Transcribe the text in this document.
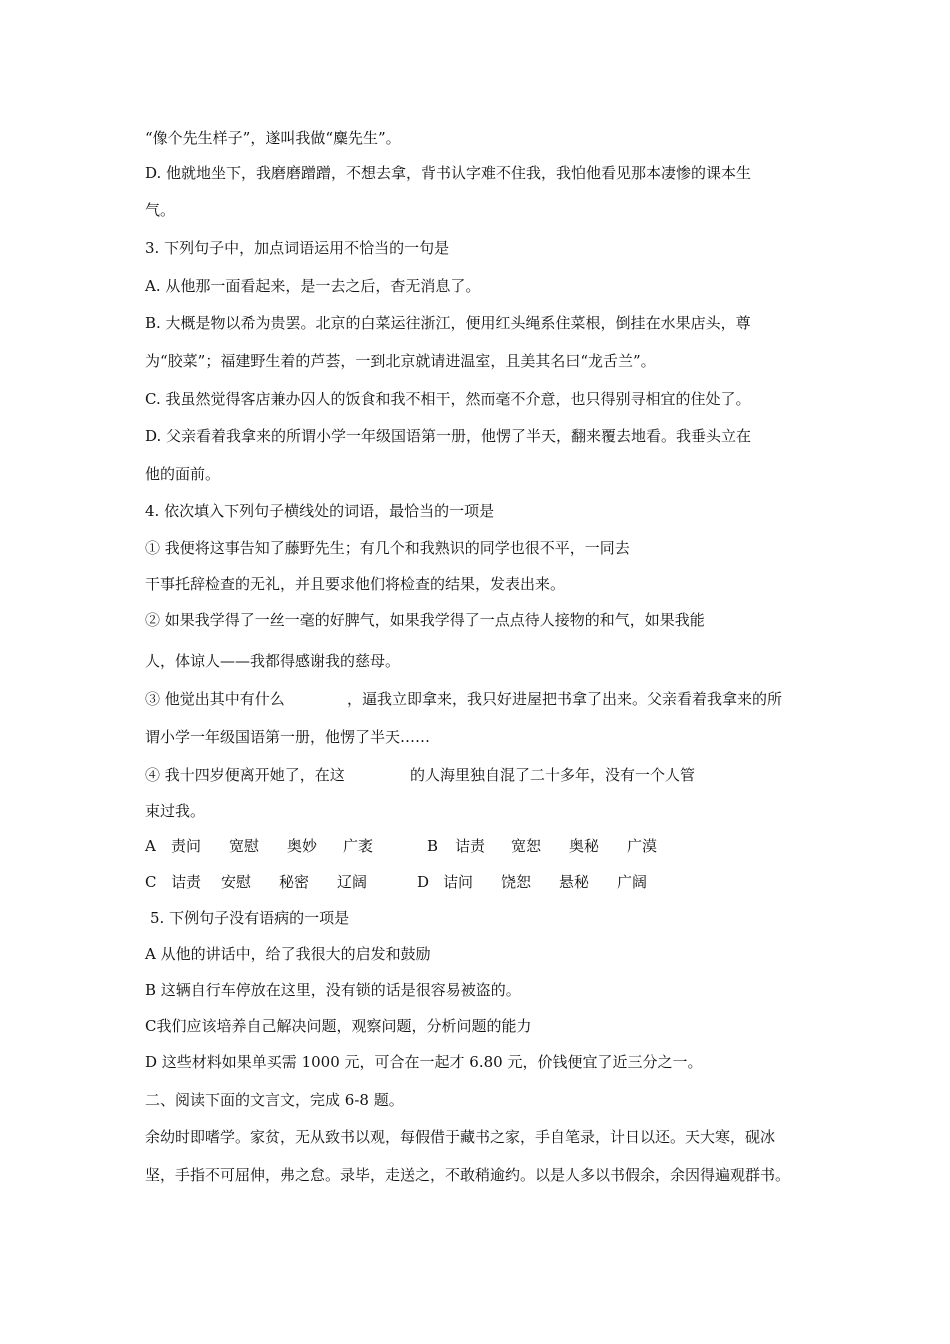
“像个先生样子”，遂叫我做“麋先生”。
D. 他就地坐下，我磨磨蹭蹭，不想去拿，背书认字难不住我，我怕他看见那本凄惨的课本生
气。
3. 下列句子中，加点词语运用不恰当的一句是
A. 从他那一面看起来，是一去之后，杳无消息了。
B. 大概是物以希为贵罢。北京的白菜运往浙江，便用红头绳系住菜根，倒挂在水果店头，尊
为“胶菜”；福建野生着的芦荟，一到北京就请进温室，且美其名曰“龙舌兰”。
C. 我虽然觉得客店兼办囚人的饭食和我不相干，然而毫不介意，也只得别寻相宜的住处了。
D. 父亲看着我拿来的所谓小学一年级国语第一册，他愣了半天，翻来覆去地看。我垂头立在
他的面前。
4. 依次填入下列句子横线处的词语，最恰当的一项是
① 我便将这事告知了藤野先生；有几个和我熟识的同学也很不平，一同去
干事托辞检查的无礼，并且要求他们将检查的结果，发表出来。
② 如果我学得了一丝一毫的好脾气，如果我学得了一点点待人接物的和气，如果我能
人，体谅人——我都得感谢我的慈母。
③ 他觉出其中有什么	，逼我立即拿来，我只好进屋把书拿了出来。父亲看着我拿来的所
谓小学一年级国语第一册，他愣了半天……
④ 我十四岁便离开她了，在这	的人海里独自混了二十多年，没有一个人管
束过我。
A 责问 宽慰 奥妙 广袤	B 诘责 宽恕 奥秘 广漠
C 诘责 安慰 秘密 辽阔	D 诘问 饶恕 悬秘 广阔
5. 下例句子没有语病的一项是
A 从他的讲话中，给了我很大的启发和鼓励
B 这辆自行车停放在这里，没有锁的话是很容易被盗的。
C我们应该培养自己解决问题，观察问题，分析问题的能力
D 这些材料如果单买需 1000 元，可合在一起才 6.80 元，价钱便宜了近三分之一。
二、阅读下面的文言文，完成 6-8 题。
余幼时即嗜学。家贫，无从致书以观，每假借于藏书之家，手自笔录，计日以还。天大寒，砚冰
坚，手指不可屈伸，弗之怠。录毕，走送之，不敢稍逾约。以是人多以书假余，余因得遍观群书。
